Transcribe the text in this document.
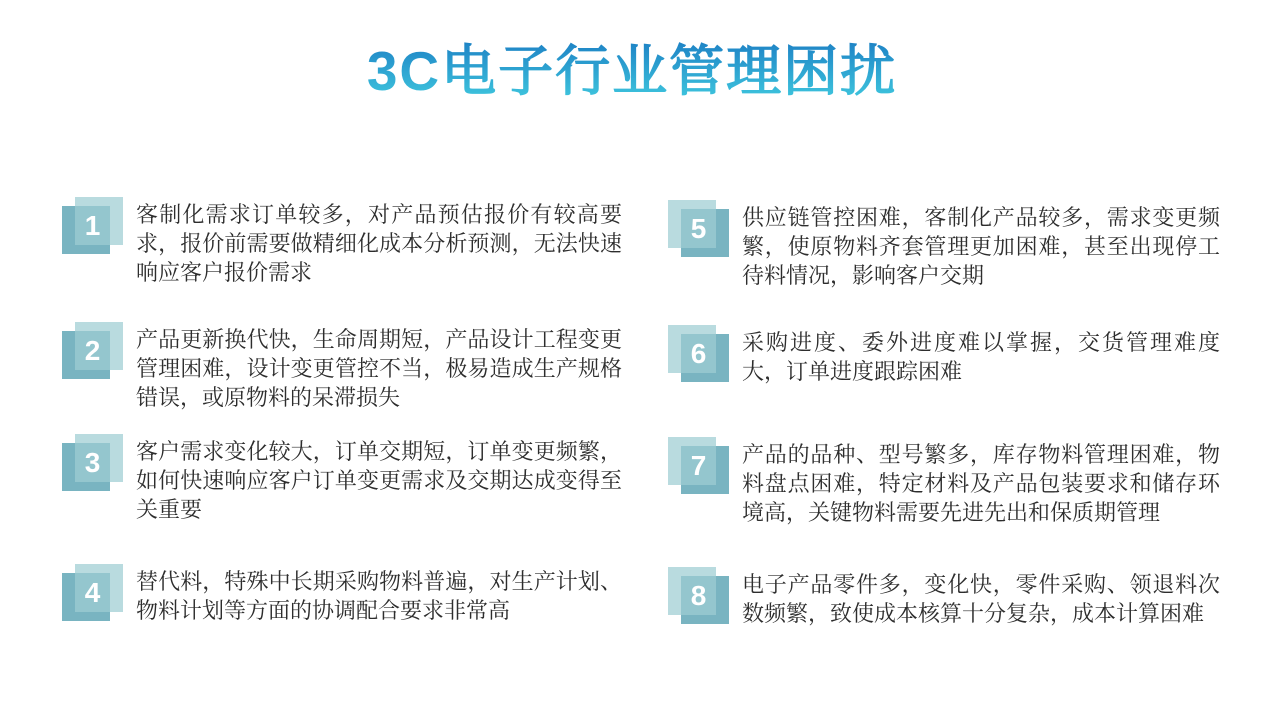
3C电子行业管理困扰
1	客制化需求订单较多，对产品预估报价有较高要求，报价前需要做精细化成本分析预测，无法快速响应客户报价需求

2	产品更新换代快，生命周期短，产品设计工程变更管理困难，设计变更管控不当，极易造成生产规格错误，或原物料的呆滞损失

3	客户需求变化较大，订单交期短，订单变更频繁，如何快速响应客户订单变更需求及交期达成变得至关重要

4	替代料，特殊中长期采购物料普遍，对生产计划、物料计划等方面的协调配合要求非常高

5	供应链管控困难，客制化产品较多，需求变更频繁，使原物料齐套管理更加困难，甚至出现停工待料情况，影响客户交期

6	采购进度、委外进度难以掌握，交货管理难度大，订单进度跟踪困难

7	产品的品种、型号繁多，库存物料管理困难，物料盘点困难，特定材料及产品包装要求和储存环境高，关键物料需要先进先出和保质期管理

8	电子产品零件多，变化快，零件采购、领退料次数频繁，致使成本核算十分复杂，成本计算困难
